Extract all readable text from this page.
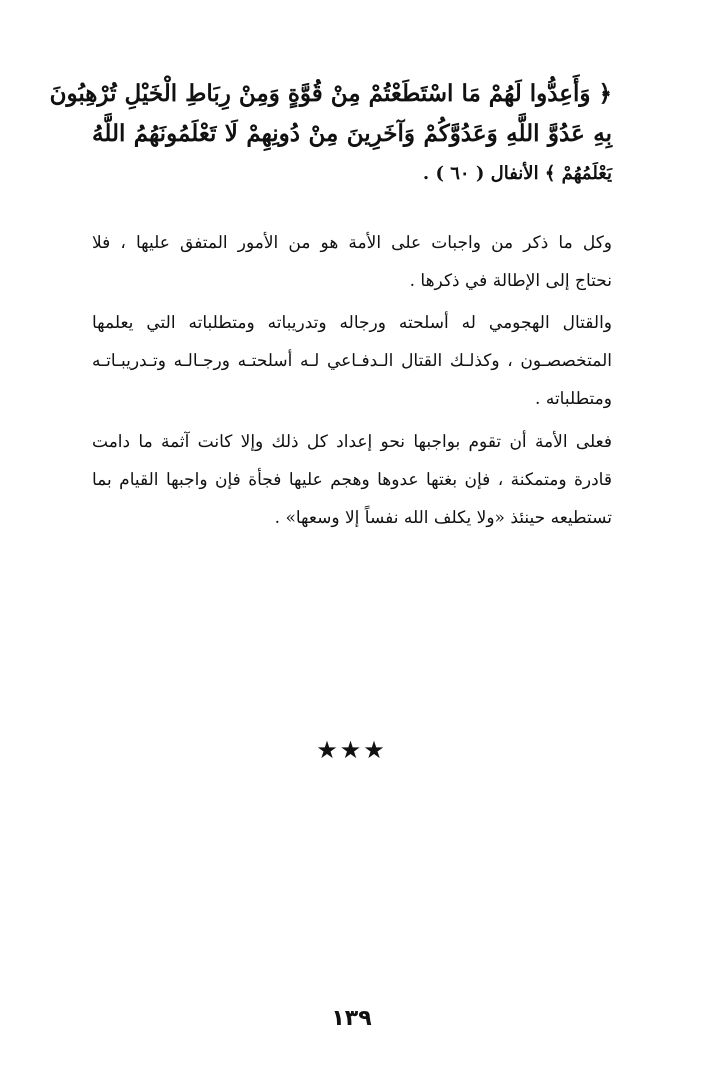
﴿ وَأَعِدُّوا لَهُمْ مَا اسْتَطَعْتُمْ مِنْ قُوَّةٍ وَمِنْ رِبَاطِ الْخَيْلِ تُرْهِبُونَ
بِهِ عَدُوَّ اللَّهِ وَعَدُوَّكُمْ وَآخَرِينَ مِنْ دُونِهِمْ لَا تَعْلَمُونَهُمُ اللَّهُ
يَعْلَمُهُمْ ﴾ الأنفال ( ٦٠ ) .
وكل ما ذكر من واجبات على الأمة هو من الأمور المتفق عليها ، فلا
نحتاج إلى الإطالة في ذكرها .
والقتال الهجومي له أسلحته ورجاله وتدريباته ومتطلباته التي يعلمها
المتخصصـون ، وكذلـك القتال الـدفـاعي لـه أسلحتـه ورجـالـه وتـدريبـاتـه
ومتطلباته .
فعلى الأمة أن تقوم بواجبها نحو إعداد كل ذلك وإلا كانت آثمة ما دامت
قادرة ومتمكنة ، فإن بغتها عدوها وهجم عليها فجأة فإن واجبها القيام بما
تستطيعه حينئذ «ولا يكلف الله نفساً إلا وسعها» .
★★★
١٣٩
